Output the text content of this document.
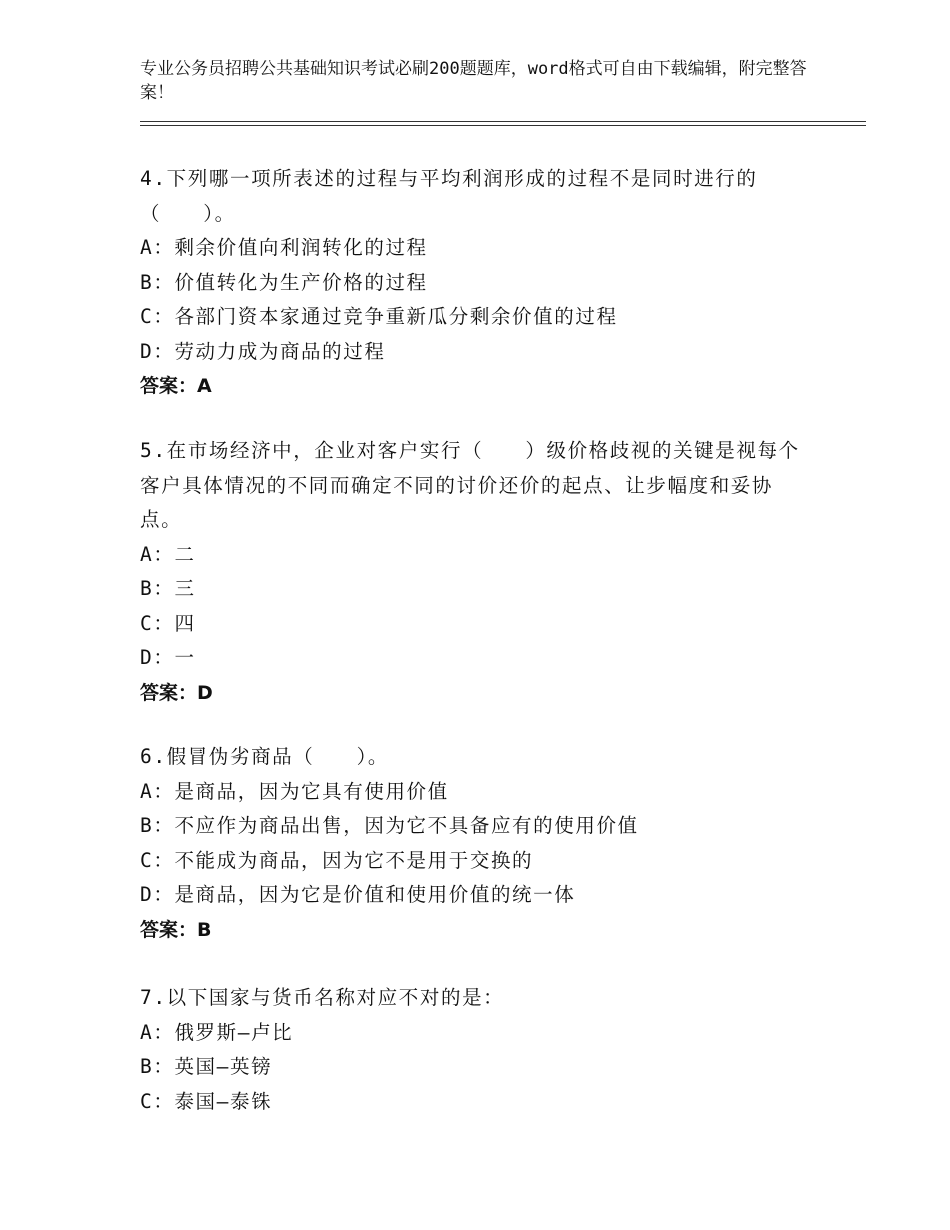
专业公务员招聘公共基础知识考试必刷200题题库，word格式可自由下载编辑，附完整答案！
4.下列哪一项所表述的过程与平均利润形成的过程不是同时进行的（　　）。
A：剩余价值向利润转化的过程
B：价值转化为生产价格的过程
C：各部门资本家通过竞争重新瓜分剩余价值的过程
D：劳动力成为商品的过程
答案：A
5.在市场经济中，企业对客户实行（　　）级价格歧视的关键是视每个客户具体情况的不同而确定不同的讨价还价的起点、让步幅度和妥协点。
A：二
B：三
C：四
D：一
答案：D
6.假冒伪劣商品（　　）。
A：是商品，因为它具有使用价值
B：不应作为商品出售，因为它不具备应有的使用价值
C：不能成为商品，因为它不是用于交换的
D：是商品，因为它是价值和使用价值的统一体
答案：B
7.以下国家与货币名称对应不对的是：
A：俄罗斯—卢比
B：英国—英镑
C：泰国—泰铢
